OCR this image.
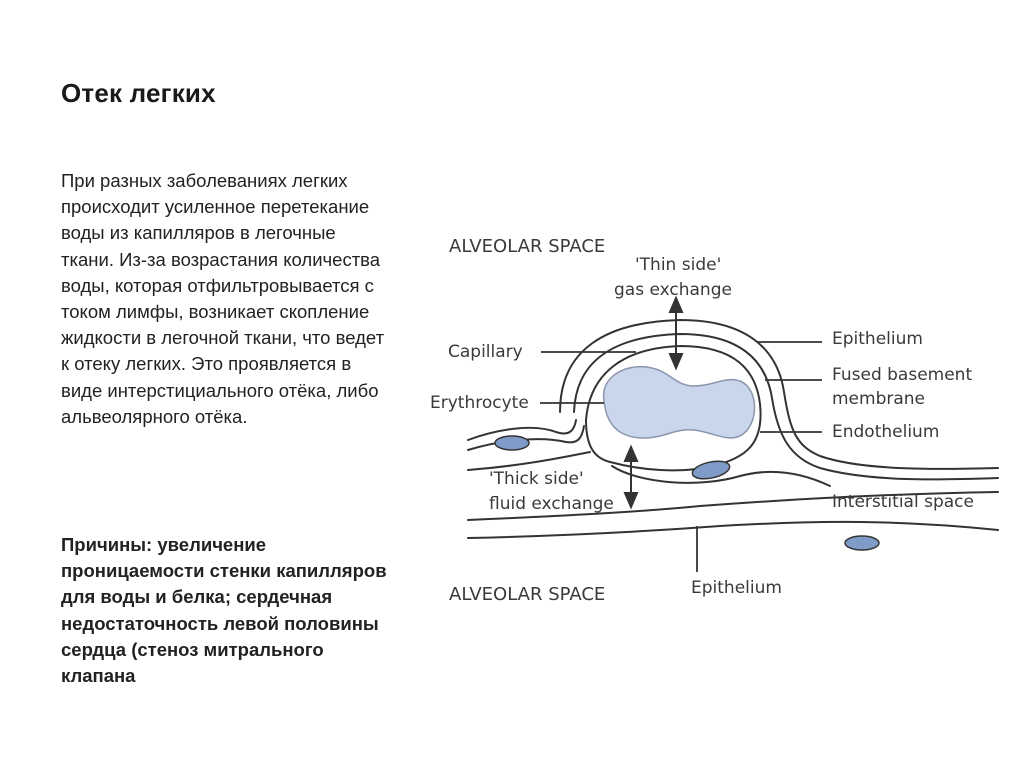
Отек легких

При разных заболеваниях легких происходит усиленное перетекание воды из капилляров в легочные ткани. Из-за возрастания количества воды, которая отфильтровывается с током лимфы, возникает скопление жидкости в легочной ткани, что ведет к отеку легких. Это проявляется в виде интерстициального отёка, либо альвеолярного отёка.

Причины: увеличение проницаемости стенки капилляров для воды и белка; сердечная недостаточность левой половины сердца (стеноз митрального клапана

ALVEOLAR SPACE
'Thin side'
gas exchange
Capillary
Erythrocyte
'Thick side'
fluid exchange
Epithelium
Fused basement
membrane
Endothelium
Interstitial space
ALVEOLAR SPACE	Epithelium
